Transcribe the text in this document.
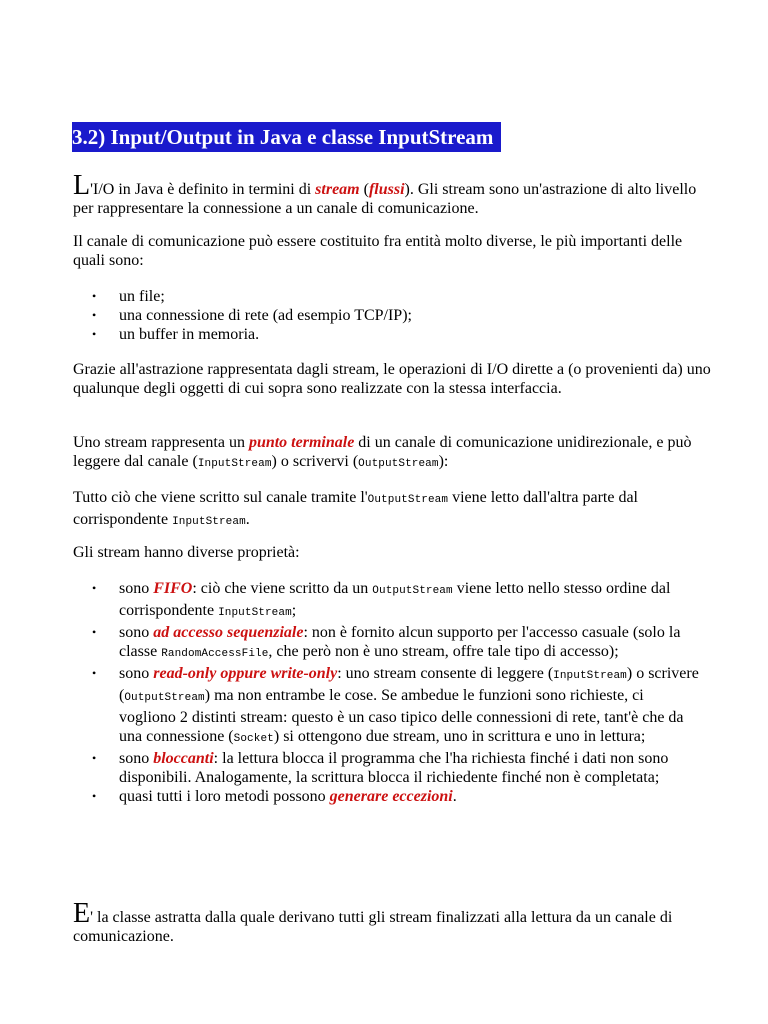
3.2) Input/Output in Java e classe InputStream

L'I/O in Java è definito in termini di stream (flussi). Gli stream sono un'astrazione di alto livello per rappresentare la connessione a un canale di comunicazione.

Il canale di comunicazione può essere costituito fra entità molto diverse, le più importanti delle quali sono:

• un file;
• una connessione di rete (ad esempio TCP/IP);
• un buffer in memoria.

Grazie all'astrazione rappresentata dagli stream, le operazioni di I/O dirette a (o provenienti da) uno qualunque degli oggetti di cui sopra sono realizzate con la stessa interfaccia.

Uno stream rappresenta un punto terminale di un canale di comunicazione unidirezionale, e può leggere dal canale (InputStream) o scrivervi (OutputStream):

Tutto ciò che viene scritto sul canale tramite l'OutputStream viene letto dall'altra parte dal corrispondente InputStream.

Gli stream hanno diverse proprietà:

• sono FIFO: ciò che viene scritto da un OutputStream viene letto nello stesso ordine dal corrispondente InputStream;
• sono ad accesso sequenziale: non è fornito alcun supporto per l'accesso casuale (solo la classe RandomAccessFile, che però non è uno stream, offre tale tipo di accesso);
• sono read-only oppure write-only: uno stream consente di leggere (InputStream) o scrivere (OutputStream) ma non entrambe le cose. Se ambedue le funzioni sono richieste, ci vogliono 2 distinti stream: questo è un caso tipico delle connessioni di rete, tant'è che da una connessione (Socket) si ottengono due stream, uno in scrittura e uno in lettura;
• sono bloccanti: la lettura blocca il programma che l'ha richiesta finché i dati non sono disponibili. Analogamente, la scrittura blocca il richiedente finché non è completata;
• quasi tutti i loro metodi possono generare eccezioni.

E' la classe astratta dalla quale derivano tutti gli stream finalizzati alla lettura da un canale di comunicazione.
